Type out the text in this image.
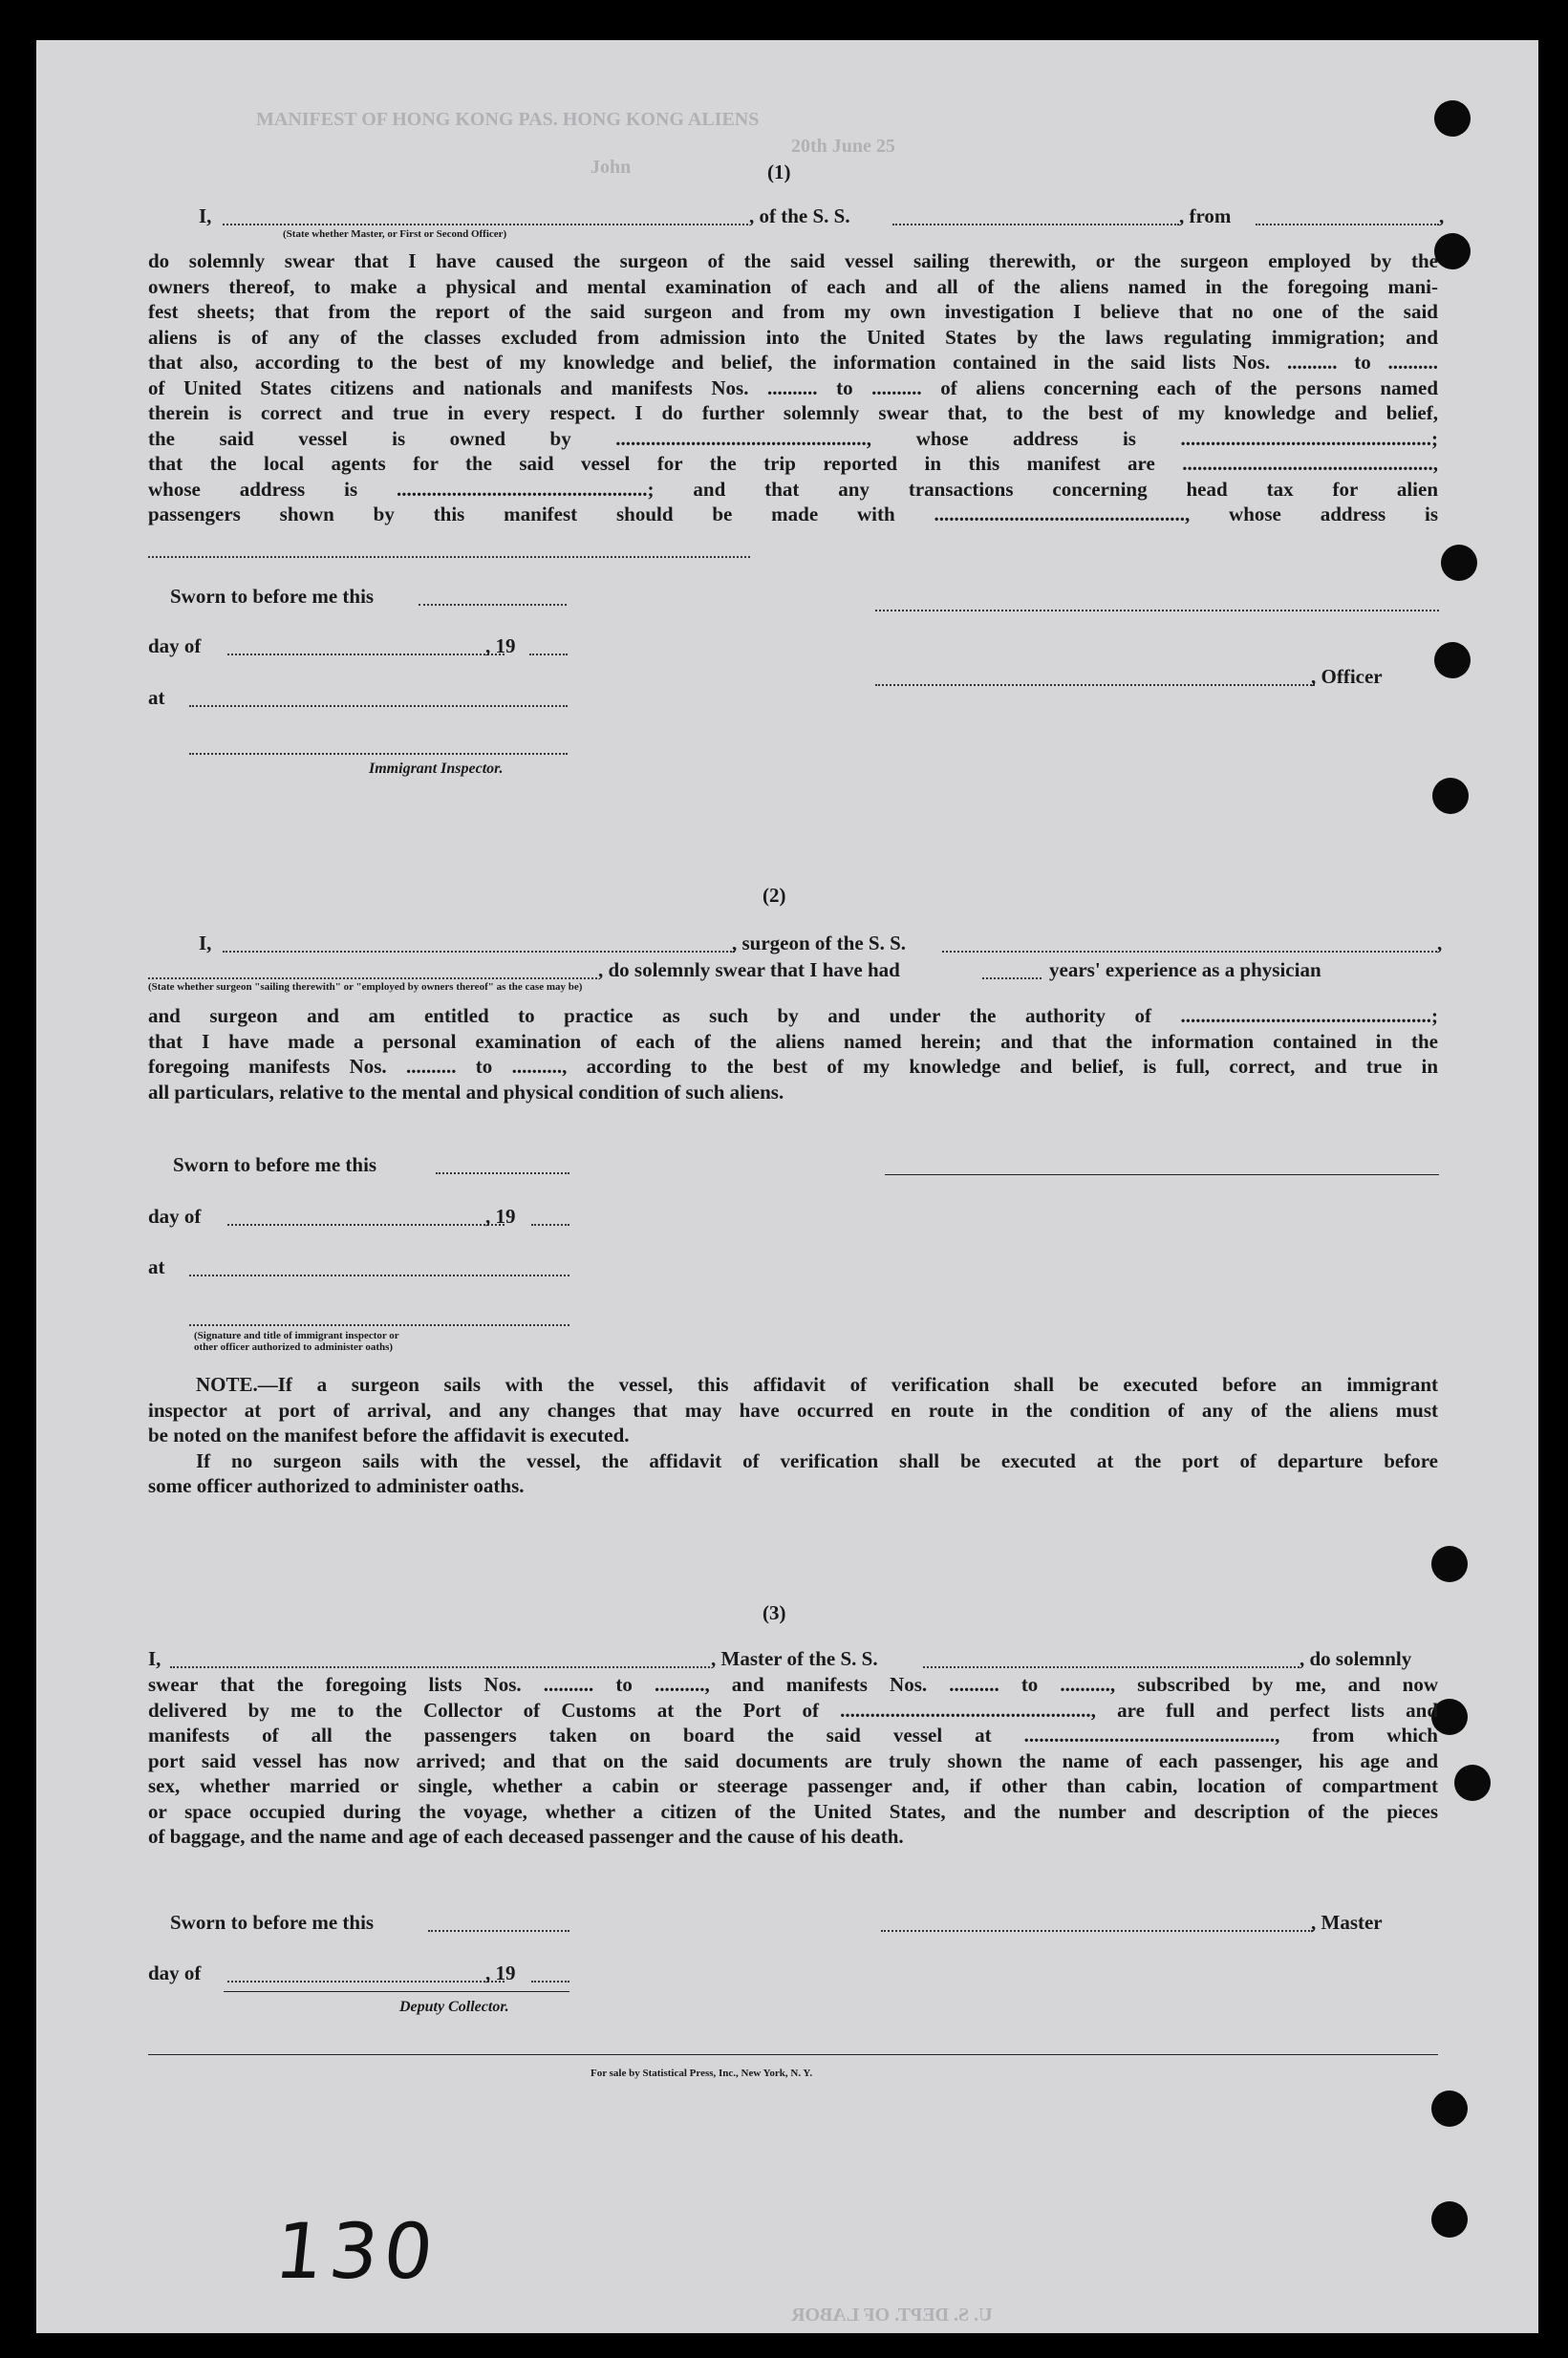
MANIFEST OF HONG KONG PAS. HONG KONG ALIENS
20th June 25
John	(1)
I,	, of the S. S.	, from	,
(State whether Master, or First or Second Officer)
do solemnly swear that I have caused the surgeon of the said vessel sailing therewith, or the surgeon employed by the
owners thereof, to make a physical and mental examination of each and all of the aliens named in the foregoing mani-
fest sheets; that from the report of the said surgeon and from my own investigation I believe that no one of the said
aliens is of any of the classes excluded from admission into the United States by the laws regulating immigration; and
that also, according to the best of my knowledge and belief, the information contained in the said lists Nos. .......... to ..........
of United States citizens and nationals and manifests Nos. .......... to .......... of aliens concerning each of the persons named
therein is correct and true in every respect. I do further solemnly swear that, to the best of my knowledge and belief,
the said vessel is owned by .................................................., whose address is ..................................................;
that the local agents for the said vessel for the trip reported in this manifest are ..................................................,
whose address is ..................................................; and that any transactions concerning head tax for alien
passengers shown by this manifest should be made with .................................................., whose address is
Sworn to before me this
day of	, 19
, Officer
at
Immigrant Inspector.
(2)
I,	, surgeon of the S. S.	,
, do solemnly swear that I have had	years' experience as a physician
(State whether surgeon "sailing therewith" or "employed by owners thereof" as the case may be)
and surgeon and am entitled to practice as such by and under the authority of ..................................................;
that I have made a personal examination of each of the aliens named herein; and that the information contained in the
foregoing manifests Nos. .......... to .........., according to the best of my knowledge and belief, is full, correct, and true in
all particulars, relative to the mental and physical condition of such aliens.
Sworn to before me this
day of	, 19
at
(Signature and title of immigrant inspector or
other officer authorized to administer oaths)
NOTE.—If a surgeon sails with the vessel, this affidavit of verification shall be executed before an immigrant
inspector at port of arrival, and any changes that may have occurred en route in the condition of any of the aliens must
be noted on the manifest before the affidavit is executed.
If no surgeon sails with the vessel, the affidavit of verification shall be executed at the port of departure before
some officer authorized to administer oaths.
(3)
I,	, Master of the S. S.	, do solemnly
swear that the foregoing lists Nos. .......... to .........., and manifests Nos. .......... to .........., subscribed by me, and now
delivered by me to the Collector of Customs at the Port of .................................................., are full and perfect lists and
manifests of all the passengers taken on board the said vessel at .................................................., from which
port said vessel has now arrived; and that on the said documents are truly shown the name of each passenger, his age and
sex, whether married or single, whether a cabin or steerage passenger and, if other than cabin, location of compartment
or space occupied during the voyage, whether a citizen of the United States, and the number and description of the pieces
of baggage, and the name and age of each deceased passenger and the cause of his death.
Sworn to before me this	, Master
day of	, 19
Deputy Collector.
For sale by Statistical Press, Inc., New York, N. Y.
130
U. S. DEPT. OF LABOR
